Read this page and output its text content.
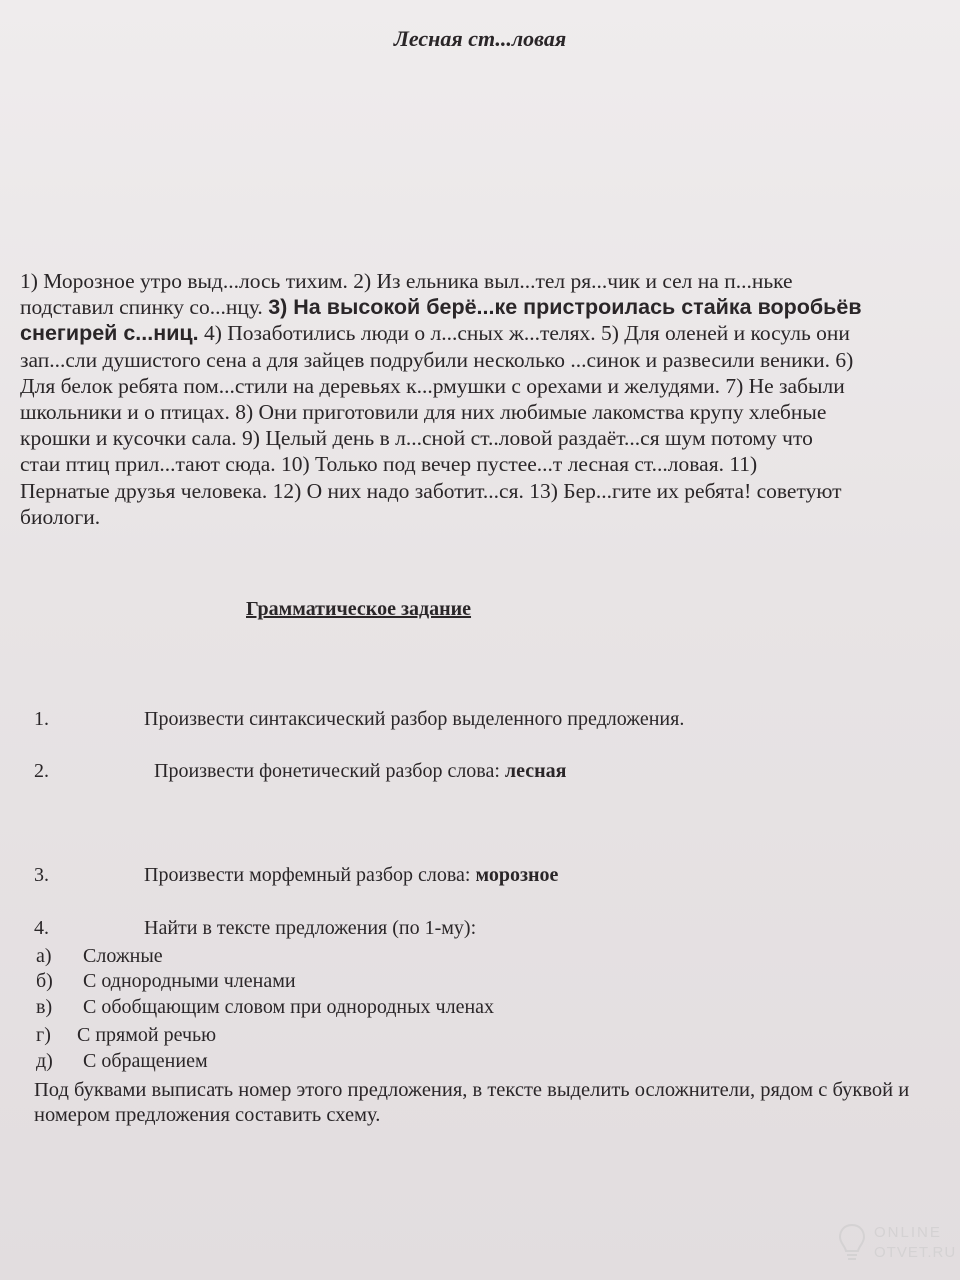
Лесная ст...ловая
1) Морозное утро выд...лось тихим. 2) Из ельника выл...тел ря...чик и сел на п...ньке
подставил спинку со...нцу. 3) На высокой берё...ке пристроилась стайка воробьёв
снегирей с...ниц. 4) Позаботились люди о л...сных ж...телях. 5) Для оленей и косуль они
зап...сли душистого сена а для зайцев подрубили несколько ...синок и развесили веники. 6)
Для белок ребята пом...стили на деревьях к...рмушки с орехами и желудями. 7) Не забыли
школьники и о птицах. 8) Они приготовили для них любимые лакомства крупу хлебные
крошки и кусочки сала. 9) Целый день в л...сной ст..ловой раздаёт...ся шум потому что
стаи птиц прил...тают сюда. 10) Только под вечер пустее...т лесная ст...ловая. 11)
Пернатые друзья человека. 12) О них надо заботит...ся. 13) Бер...гите их ребята! советуют
биологи.
Грамматическое задание
1.	Произвести синтаксический разбор выделенного предложения.
2.	Произвести фонетический разбор слова: лесная
3.	Произвести морфемный разбор слова: морозное
4.	Найти в тексте предложения (по 1-му):
а) Сложные
б) С однородными членами
в) С обобщающим словом при однородных членах
г) С прямой речью
д) С обращением
Под буквами выписать номер этого предложения, в тексте выделить осложнители, рядом с буквой и номером предложения составить схему.
ONLINE
OTVET.RU
